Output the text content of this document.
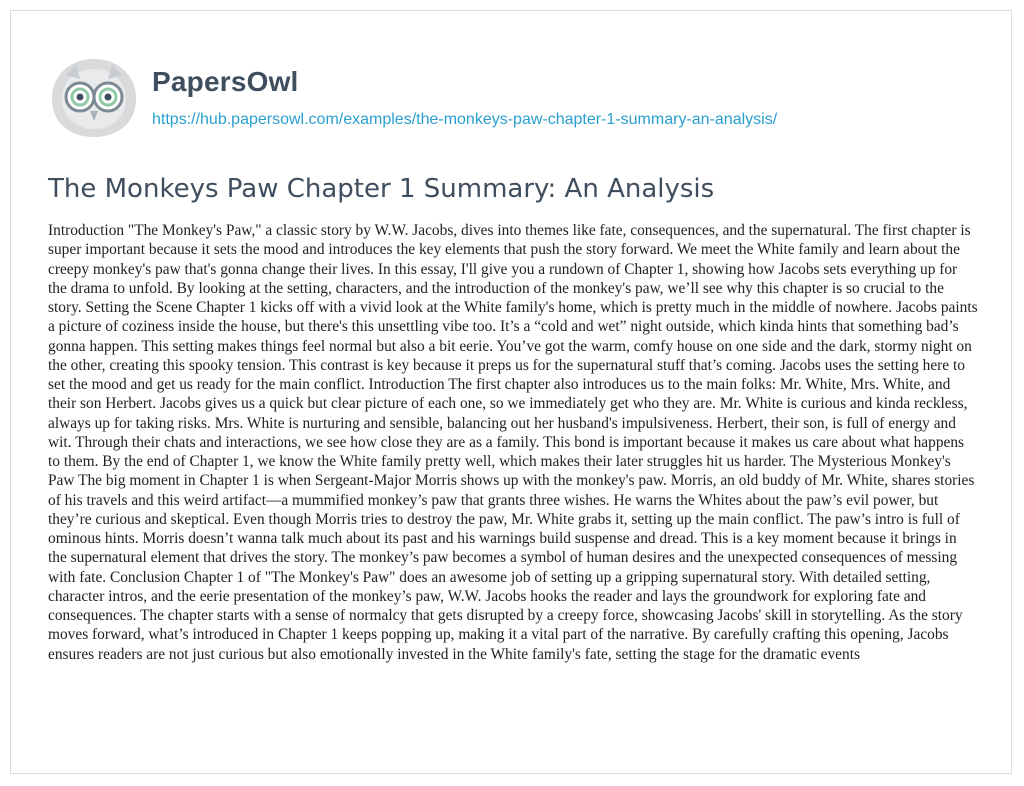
PapersOwl
https://hub.papersowl.com/examples/the-monkeys-paw-chapter-1-summary-an-analysis/
The Monkeys Paw Chapter 1 Summary: An Analysis

Introduction "The Monkey's Paw," a classic story by W.W. Jacobs, dives into themes like fate, consequences, and the supernatural. The first chapter is super important because it sets the mood and introduces the key elements that push the story forward. We meet the White family and learn about the creepy monkey's paw that's gonna change their lives. In this essay, I'll give you a rundown of Chapter 1, showing how Jacobs sets everything up for the drama to unfold. By looking at the setting, characters, and the introduction of the monkey's paw, we’ll see why this chapter is so crucial to the story. Setting the Scene Chapter 1 kicks off with a vivid look at the White family's home, which is pretty much in the middle of nowhere. Jacobs paints a picture of coziness inside the house, but there's this unsettling vibe too. It’s a “cold and wet” night outside, which kinda hints that something bad’s gonna happen. This setting makes things feel normal but also a bit eerie. You’ve got the warm, comfy house on one side and the dark, stormy night on the other, creating this spooky tension. This contrast is key because it preps us for the supernatural stuff that’s coming. Jacobs uses the setting here to set the mood and get us ready for the main conflict. Introduction The first chapter also introduces us to the main folks: Mr. White, Mrs. White, and their son Herbert. Jacobs gives us a quick but clear picture of each one, so we immediately get who they are. Mr. White is curious and kinda reckless, always up for taking risks. Mrs. White is nurturing and sensible, balancing out her husband's impulsiveness. Herbert, their son, is full of energy and wit. Through their chats and interactions, we see how close they are as a family. This bond is important because it makes us care about what happens to them. By the end of Chapter 1, we know the White family pretty well, which makes their later struggles hit us harder. The Mysterious Monkey's Paw The big moment in Chapter 1 is when Sergeant-Major Morris shows up with the monkey's paw. Morris, an old buddy of Mr. White, shares stories of his travels and this weird artifact—a mummified monkey’s paw that grants three wishes. He warns the Whites about the paw’s evil power, but they’re curious and skeptical. Even though Morris tries to destroy the paw, Mr. White grabs it, setting up the main conflict. The paw’s intro is full of ominous hints. Morris doesn’t wanna talk much about its past and his warnings build suspense and dread. This is a key moment because it brings in the supernatural element that drives the story. The monkey’s paw becomes a symbol of human desires and the unexpected consequences of messing with fate. Conclusion Chapter 1 of "The Monkey's Paw" does an awesome job of setting up a gripping supernatural story. With detailed setting, character intros, and the eerie presentation of the monkey’s paw, W.W. Jacobs hooks the reader and lays the groundwork for exploring fate and consequences. The chapter starts with a sense of normalcy that gets disrupted by a creepy force, showcasing Jacobs' skill in storytelling. As the story moves forward, what’s introduced in Chapter 1 keeps popping up, making it a vital part of the narrative. By carefully crafting this opening, Jacobs ensures readers are not just curious but also emotionally invested in the White family's fate, setting the stage for the dramatic events
